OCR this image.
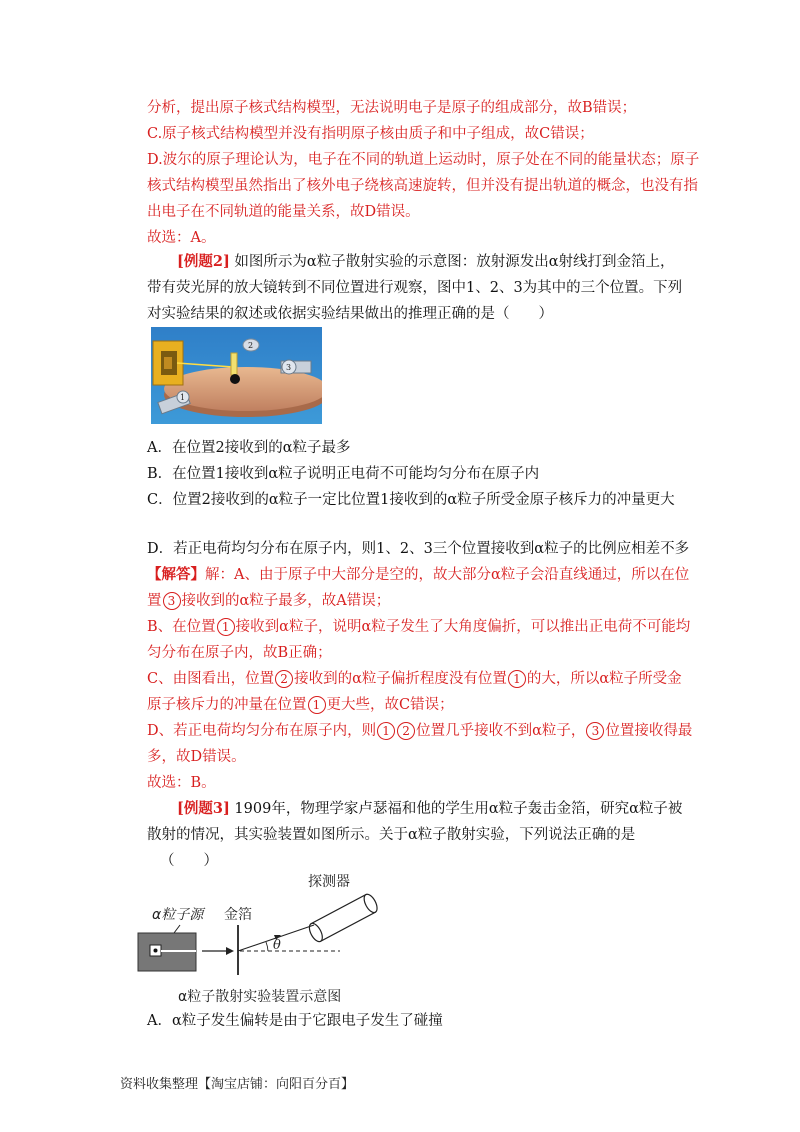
分析，提出原子核式结构模型，无法说明电子是原子的组成部分，故B错误；
C.原子核式结构模型并没有指明原子核由质子和中子组成，故C错误；
D.波尔的原子理论认为，电子在不同的轨道上运动时，原子处在不同的能量状态；原子
核式结构模型虽然指出了核外电子绕核高速旋转，但并没有提出轨道的概念，也没有指
出电子在不同轨道的能量关系，故D错误。
故选：A。
[例题2] 如图所示为α粒子散射实验的示意图：放射源发出α射线打到金箔上，
带有荧光屏的放大镜转到不同位置进行观察，图中1、2、3为其中的三个位置。下列
对实验结果的叙述或依据实验结果做出的推理正确的是（　　）
2
3
1
A．在位置2接收到的α粒子最多
B．在位置1接收到α粒子说明正电荷不可能均匀分布在原子内
C．位置2接收到的α粒子一定比位置1接收到的α粒子所受金原子核斥力的冲量更大
D．若正电荷均匀分布在原子内，则1、2、3三个位置接收到α粒子的比例应相差不多
【解答】解：A、由于原子中大部分是空的，故大部分α粒子会沿直线通过，所以在位
置 3 接收到的α粒子最多，故A错误；
B、在位置 1 接收到α粒子，说明α粒子发生了大角度偏折，可以推出正电荷不可能均
匀分布在原子内，故B正确；
C、由图看出，位置 2 接收到的α粒子偏折程度没有位置 1 的大，所以α粒子所受金
原子核斥力的冲量在位置 1 更大些，故C错误；
D、若正电荷均匀分布在原子内，则 1 2 位置几乎接收不到α粒子， 3 位置接收得最
多，故D错误。
故选：B。
[例题3] 1909年，物理学家卢瑟福和他的学生用α粒子轰击金箔，研究α粒子被
散射的情况，其实验装置如图所示。关于α粒子散射实验，下列说法正确的是
（　　）
探测器
α粒子源 金箔
θ
α粒子散射实验装置示意图
A．α粒子发生偏转是由于它跟电子发生了碰撞
资料收集整理【淘宝店铺：向阳百分百】
